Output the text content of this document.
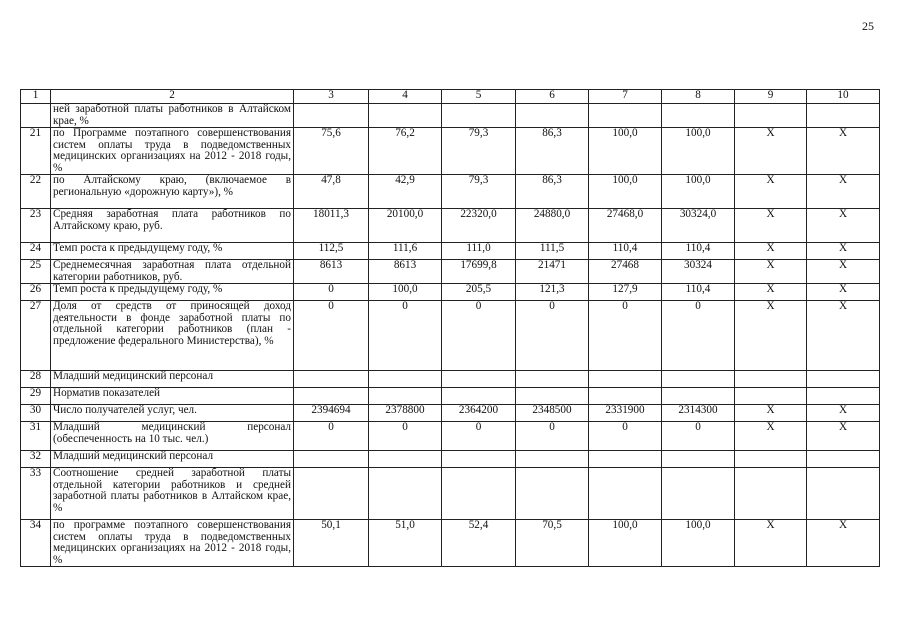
25
1	2	3	4	5	6	7	8	9	10
	ней заработной платы работников в Алтайском крае, %								
21	по Программе поэтапного совершенствования систем оплаты труда в подведомственных медицинских организациях на 2012 - 2018 годы, %	75,6	76,2	79,3	86,3	100,0	100,0	X	X
22	по Алтайскому краю, (включаемое в региональную «дорожную карту»), %	47,8	42,9	79,3	86,3	100,0	100,0	X	X
23	Средняя заработная плата работников по Алтайскому краю, руб.	18011,3	20100,0	22320,0	24880,0	27468,0	30324,0	X	X
24	Темп роста к предыдущему году, %	112,5	111,6	111,0	111,5	110,4	110,4	X	X
25	Среднемесячная заработная плата отдельной категории работников, руб.	8613	8613	17699,8	21471	27468	30324	X	X
26	Темп роста к предыдущему году, %	0	100,0	205,5	121,3	127,9	110,4	X	X
27	Доля от средств от приносящей доход деятельности в фонде заработной платы по отдельной категории работников (план - предложение федерального Министерства), %	0	0	0	0	0	0	X	X
28	Младший медицинский персонал								
29	Норматив показателей								
30	Число получателей услуг, чел.	2394694	2378800	2364200	2348500	2331900	2314300	X	X
31	Младший медицинский персонал (обеспеченность на 10 тыс. чел.)	0	0	0	0	0	0	X	X
32	Младший медицинский персонал								
33	Соотношение средней заработной платы отдельной категории работников и средней заработной платы работников в Алтайском крае, %								
34	по программе поэтапного совершенствования систем оплаты труда в подведомственных медицинских организациях на 2012 - 2018 годы, %	50,1	51,0	52,4	70,5	100,0	100,0	X	X
